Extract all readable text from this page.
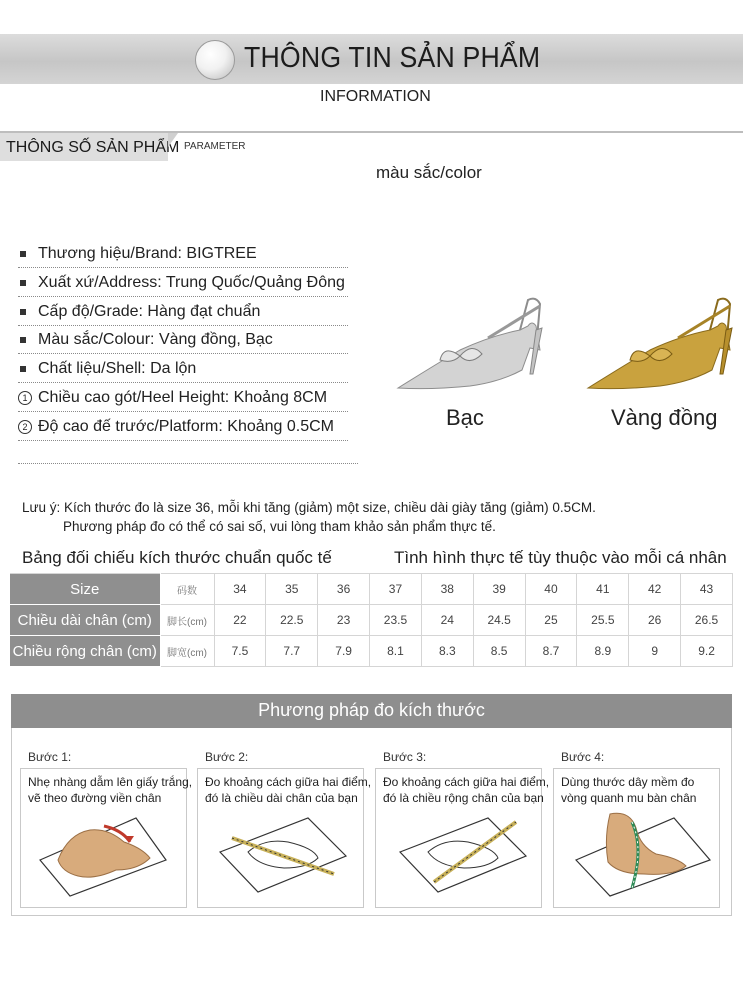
THÔNG TIN SẢN PHẨM
INFORMATION
THÔNG SỐ SẢN PHẨM PARAMETER
màu sắc/color
Thương hiệu/Brand: BIGTREE
Xuất xứ/Address: Trung Quốc/Quảng Đông
Cấp độ/Grade: Hàng đạt chuẩn
Màu sắc/Colour: Vàng đồng, Bạc
Chất liệu/Shell: Da lộn
1 Chiều cao gót/Heel Height: Khoảng 8CM
2 Độ cao đế trước/Platform: Khoảng 0.5CM	Bạc	Vàng đồng
Lưu ý: Kích thước đo là size 36, mỗi khi tăng (giảm) một size, chiều dài giày tăng (giảm) 0.5CM.
Phương pháp đo có thể có sai số, vui lòng tham khảo sản phẩm thực tế.
Bảng đối chiếu kích thước chuẩn quốc tế	Tình hình thực tế tùy thuộc vào mỗi cá nhân
Size	码数	34	35	36	37	38	39	40	41	42	43
Chiều dài chân (cm)	脚长(cm)	22	22.5	23	23.5	24	24.5	25	25.5	26	26.5
Chiều rộng chân (cm)	脚宽(cm)	7.5	7.7	7.9	8.1	8.3	8.5	8.7	8.9	9	9.2
Phương pháp đo kích thước
Bước 1:
Nhẹ nhàng dẫm lên giấy trắng,
vẽ theo đường viền chân
Bước 2:
Đo khoảng cách giữa hai điểm,
đó là chiều dài chân của bạn
Bước 3:
Đo khoảng cách giữa hai điểm,
đó là chiều rộng chân của bạn
Bước 4:
Dùng thước dây mềm đo
vòng quanh mu bàn chân
